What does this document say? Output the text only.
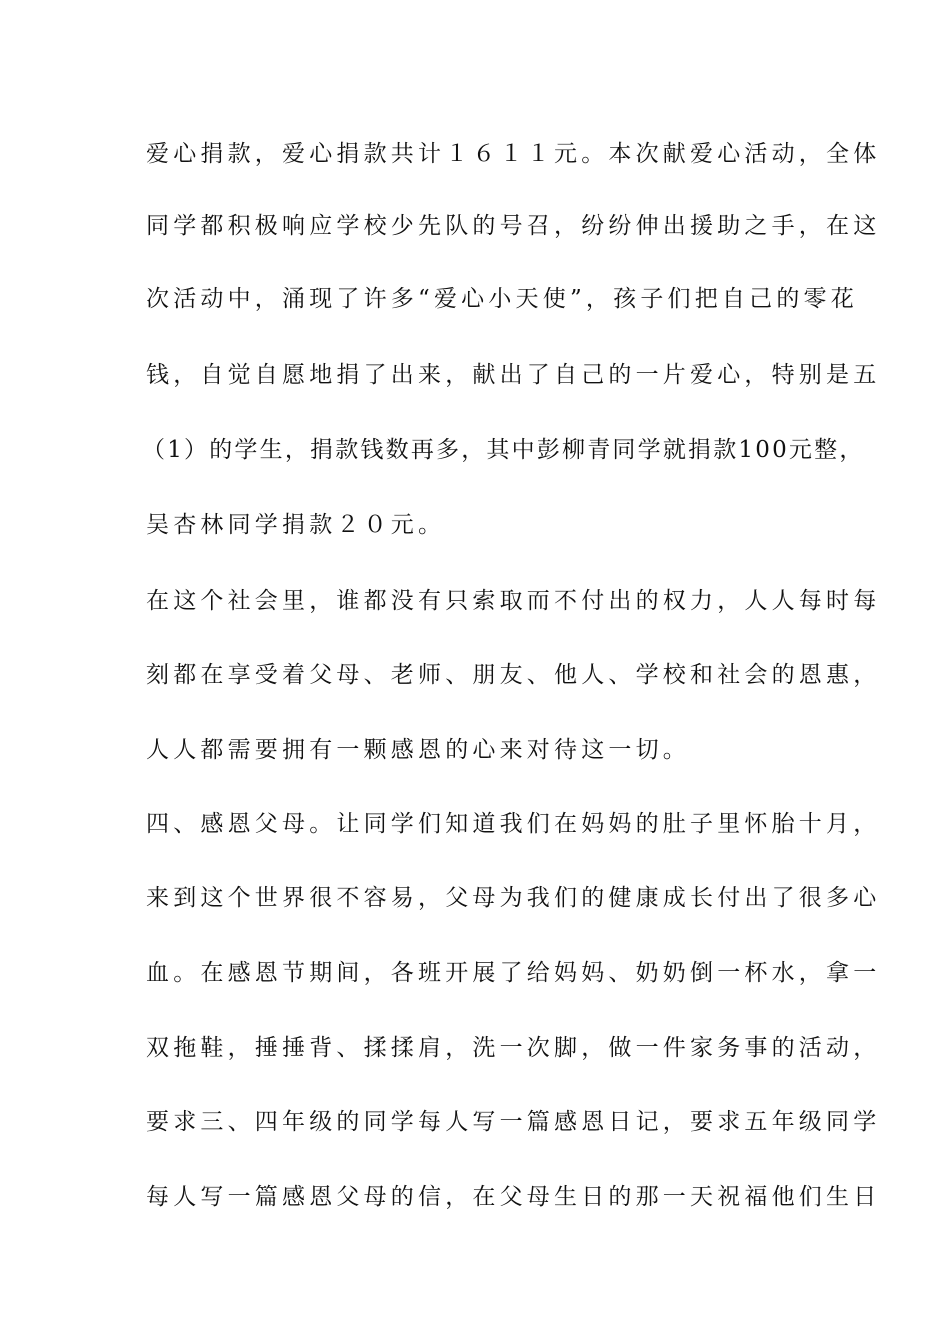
爱心捐款，爱心捐款共计１６１１元。本次献爱心活动，全体
同学都积极响应学校少先队的号召，纷纷伸出援助之手，在这
次活动中，涌现了许多“爱心小天使”，孩子们把自己的零花
钱，自觉自愿地捐了出来，献出了自己的一片爱心，特别是五
（1）的学生，捐款钱数再多，其中彭柳青同学就捐款100元整，
吴杏林同学捐款２０元。
在这个社会里，谁都没有只索取而不付出的权力，人人每时每
刻都在享受着父母、老师、朋友、他人、学校和社会的恩惠，
人人都需要拥有一颗感恩的心来对待这一切。
四、感恩父母。让同学们知道我们在妈妈的肚子里怀胎十月，
来到这个世界很不容易，父母为我们的健康成长付出了很多心
血。在感恩节期间，各班开展了给妈妈、奶奶倒一杯水，拿一
双拖鞋，捶捶背、揉揉肩，洗一次脚，做一件家务事的活动，
要求三、四年级的同学每人写一篇感恩日记，要求五年级同学
每人写一篇感恩父母的信，在父母生日的那一天祝福他们生日
